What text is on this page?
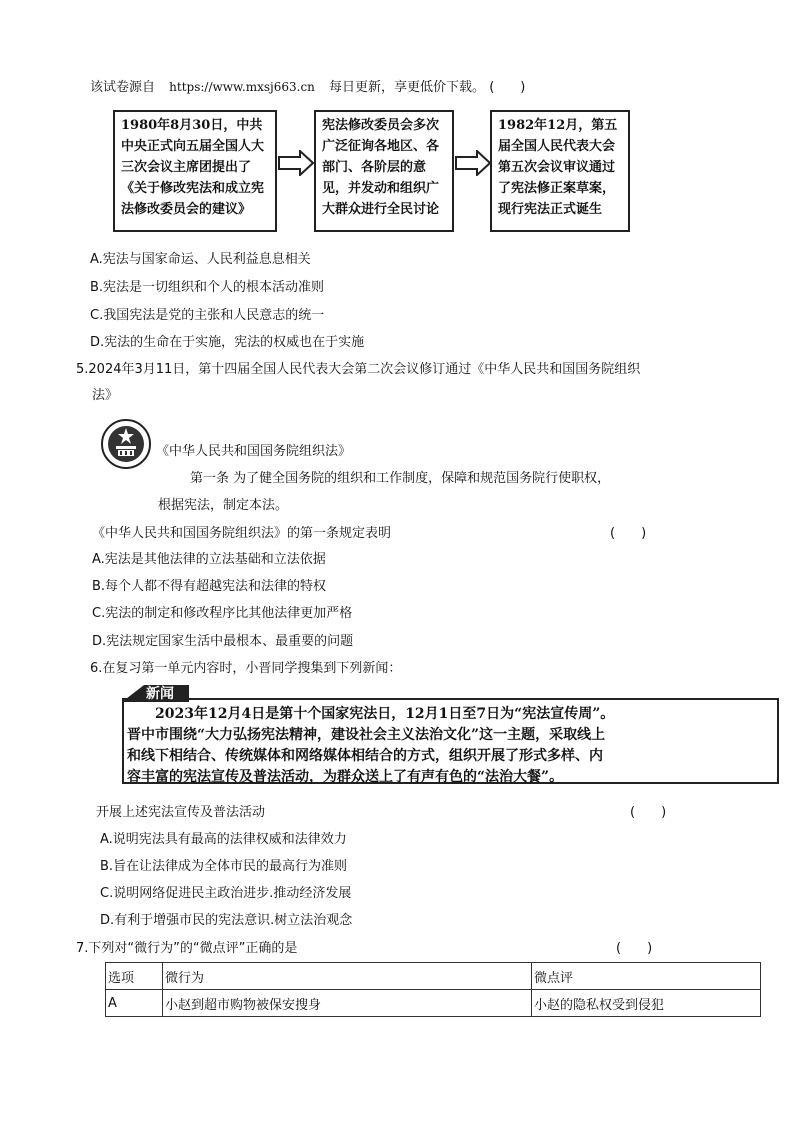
该试卷源自 https://www.mxsj663.cn 每日更新，享更低价下载。 (　　)
1980年8月30日，中共中央正式向五届全国人大三次会议主席团提出了《关于修改宪法和成立宪法修改委员会的建议》
宪法修改委员会多次广泛征询各地区、各部门、各阶层的意见，并发动和组织广大群众进行全民讨论
1982年12月，第五届全国人民代表大会第五次会议审议通过了宪法修正案草案，现行宪法正式诞生
A.宪法与国家命运、人民利益息息相关
B.宪法是一切组织和个人的根本活动准则
C.我国宪法是党的主张和人民意志的统一
D.宪法的生命在于实施，宪法的权威也在于实施
5.2024年3月11日，第十四届全国人民代表大会第二次会议修订通过《中华人民共和国国务院组织
法》
《中华人民共和国国务院组织法》
第一条 为了健全国务院的组织和工作制度，保障和规范国务院行使职权，
根据宪法，制定本法。
《中华人民共和国国务院组织法》的第一条规定表明	(　　)
A.宪法是其他法律的立法基础和立法依据
B.每个人都不得有超越宪法和法律的特权
C.宪法的制定和修改程序比其他法律更加严格
D.宪法规定国家生活中最根本、最重要的问题
6.在复习第一单元内容时，小晋同学搜集到下列新闻：
新闻
　　2023年12月4日是第十个国家宪法日，12月1日至7日为“宪法宣传周”。
晋中市围绕“大力弘扬宪法精神，建设社会主义法治文化”这一主题，采取线上
和线下相结合、传统媒体和网络媒体相结合的方式，组织开展了形式多样、内
容丰富的宪法宣传及普法活动，为群众送上了有声有色的“法治大餐”。
开展上述宪法宣传及普法活动	(　　)
A.说明宪法具有最高的法律权威和法律效力
B.旨在让法律成为全体市民的最高行为准则
C.说明网络促进民主政治进步.推动经济发展
D.有利于增强市民的宪法意识.树立法治观念
7.下列对“微行为”的“微点评”正确的是	(　　)
选项	微行为	微点评
A	小赵到超市购物被保安搜身	小赵的隐私权受到侵犯
